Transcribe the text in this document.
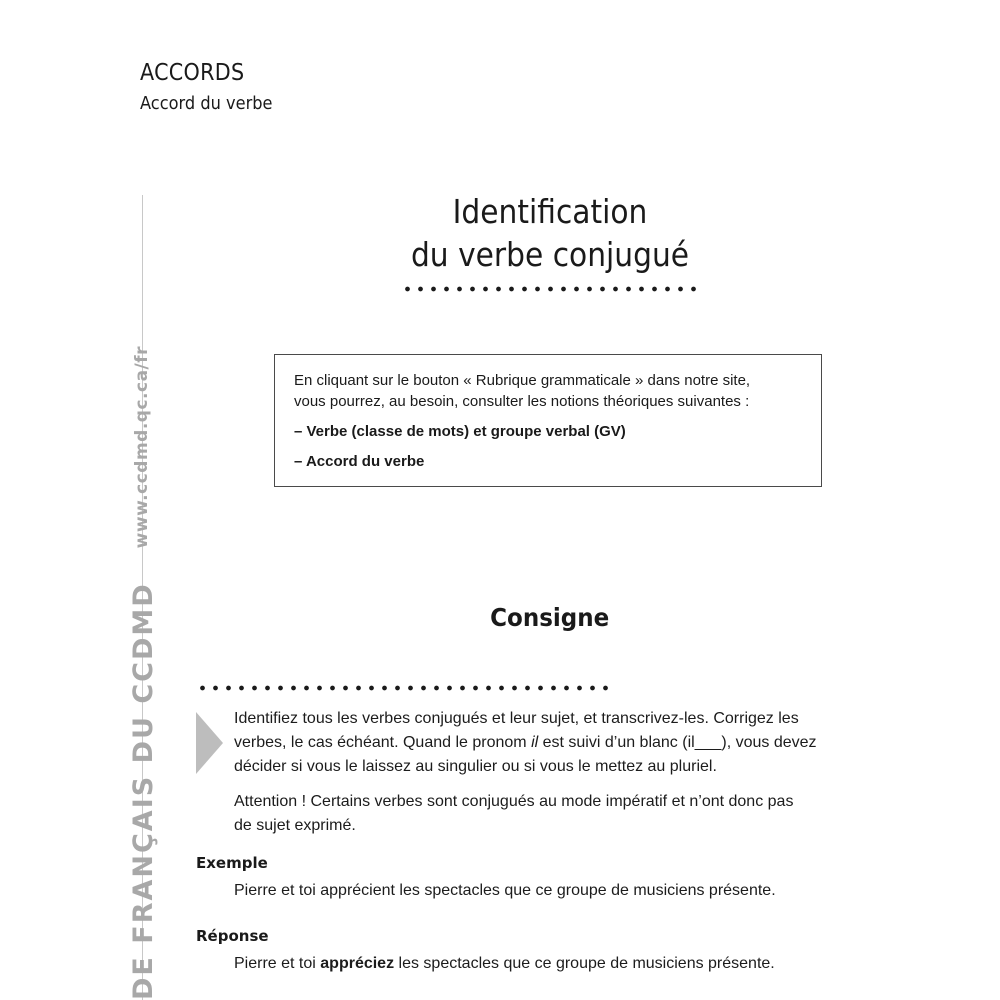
ACCORDS
Accord du verbe
DE FRANÇAIS DU CCDMDwww.ccdmd.qc.ca/fr
Identification
du verbe conjugué
En cliquant sur le bouton « Rubrique grammaticale » dans notre site,
vous pourrez, au besoin, consulter les notions théoriques suivantes :
– Verbe (classe de mots) et groupe verbal (GV)
– Accord du verbe
Consigne
Identifiez tous les verbes conjugués et leur sujet, et transcrivez-les. Corrigez les
verbes, le cas échéant. Quand le pronom il est suivi d’un blanc (il___), vous devez
décider si vous le laissez au singulier ou si vous le mettez au pluriel.
Attention ! Certains verbes sont conjugués au mode impératif et n’ont donc pas
de sujet exprimé.
Exemple
Pierre et toi apprécient les spectacles que ce groupe de musiciens présente.
Réponse
Pierre et toi appréciez les spectacles que ce groupe de musiciens présente.
